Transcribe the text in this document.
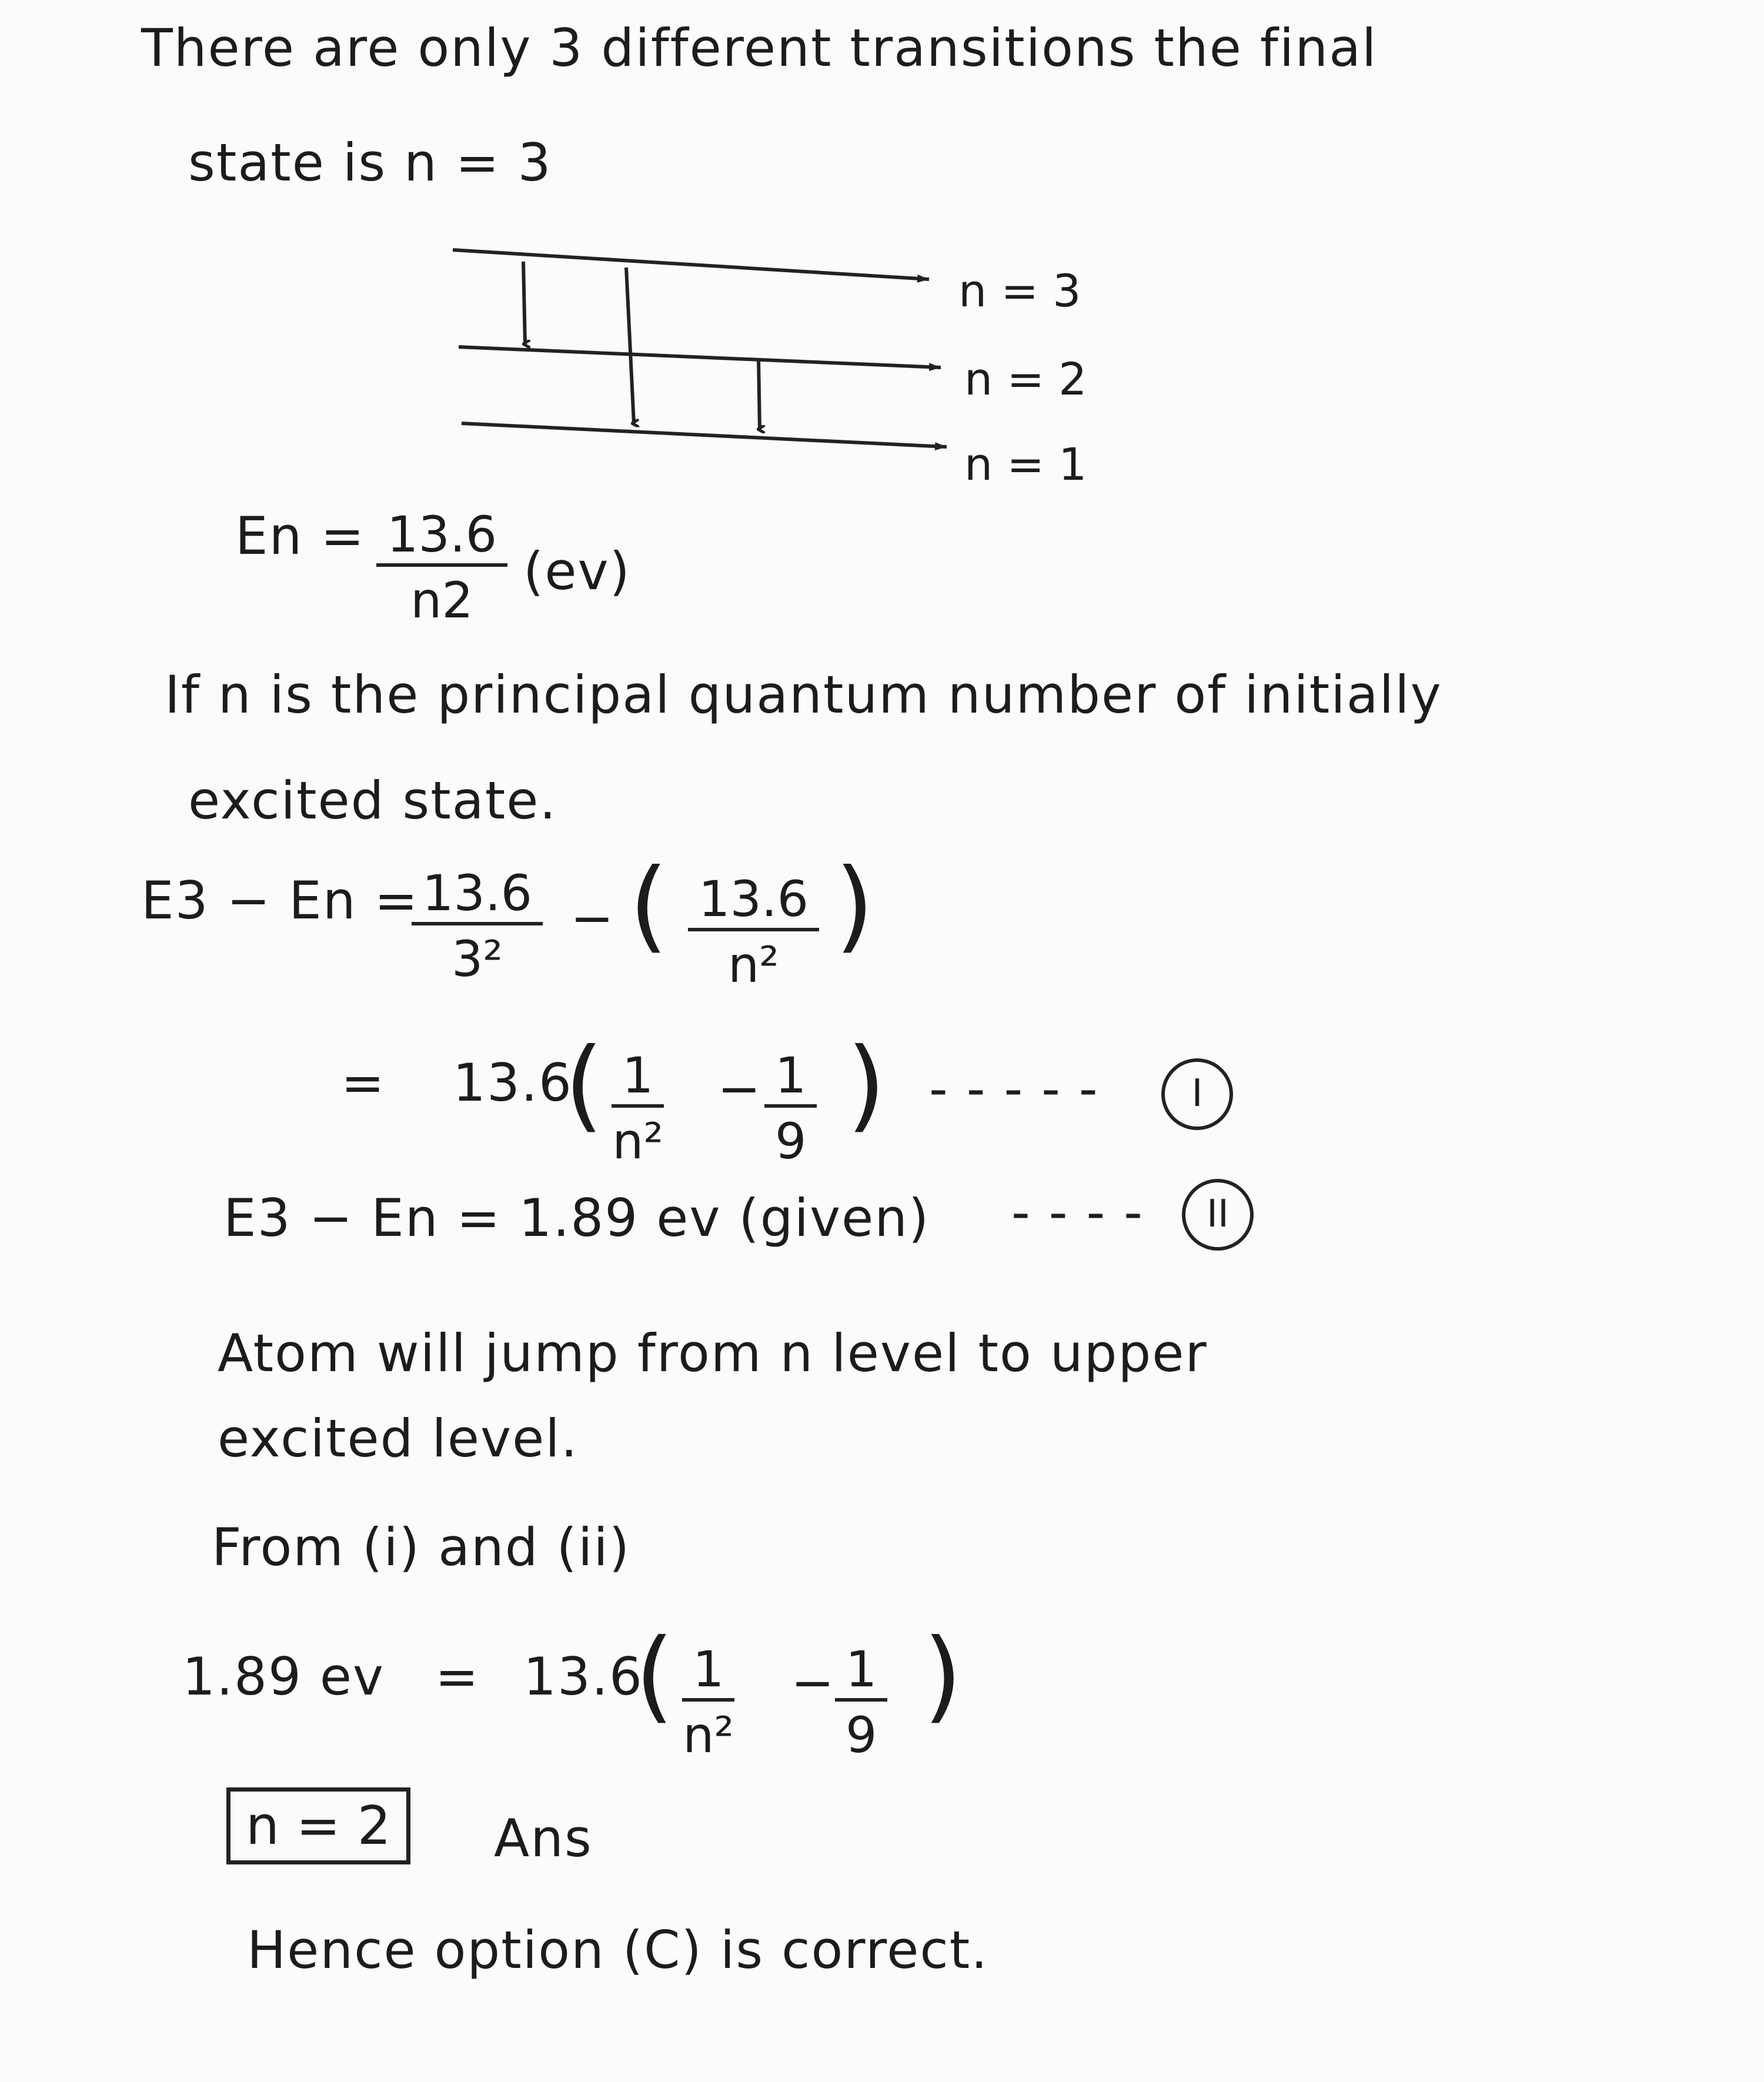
There are only 3 different transitions the final
state is n = 3
n = 3
n = 2
n = 1
$En = \frac{13.6}{n2} (ev)$
If n is the principal quantum number of initially
excited state.
E3 − En =
$\frac{13.6}{\text{3²}}$ − ( $\frac{13.6}{\text{n²}}$ )
= 13.6
( $\frac{1}{\text{n²}} - \frac{1}{9}$ ) - - - - -	I
E3 − En = 1.89 ev (given) - - - -	II
Atom will jump from n level to upper
excited level.
From (i) and (ii)
1.89 ev = 13.6
( $\frac{1}{\text{n²}} - \frac{1}{9}$ )
n = 2	Ans
Hence option (C) is correct.
